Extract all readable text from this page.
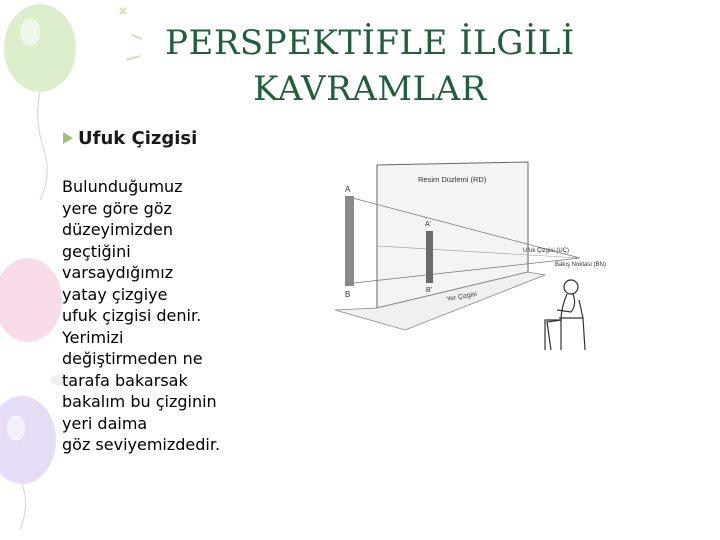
PERSPEKTİFLE İLGİLİ
KAVRAMLAR
Ufuk Çizgisi
Bulunduğumuz
yere göre göz
düzeyimizden
geçtiğini
varsaydığımız
yatay çizgiye
ufuk çizgisi denir.
Yerimizi
değiştirmeden ne
tarafa bakarsak
bakalım bu çizginin
yeri daima
göz seviyemizdedir.
Resim Düzlemi (RD)
A
A'
B	B'
Ufuk Çizgisi (UÇ)
Bakış Noktası (BN)
Yer Çizgisi
